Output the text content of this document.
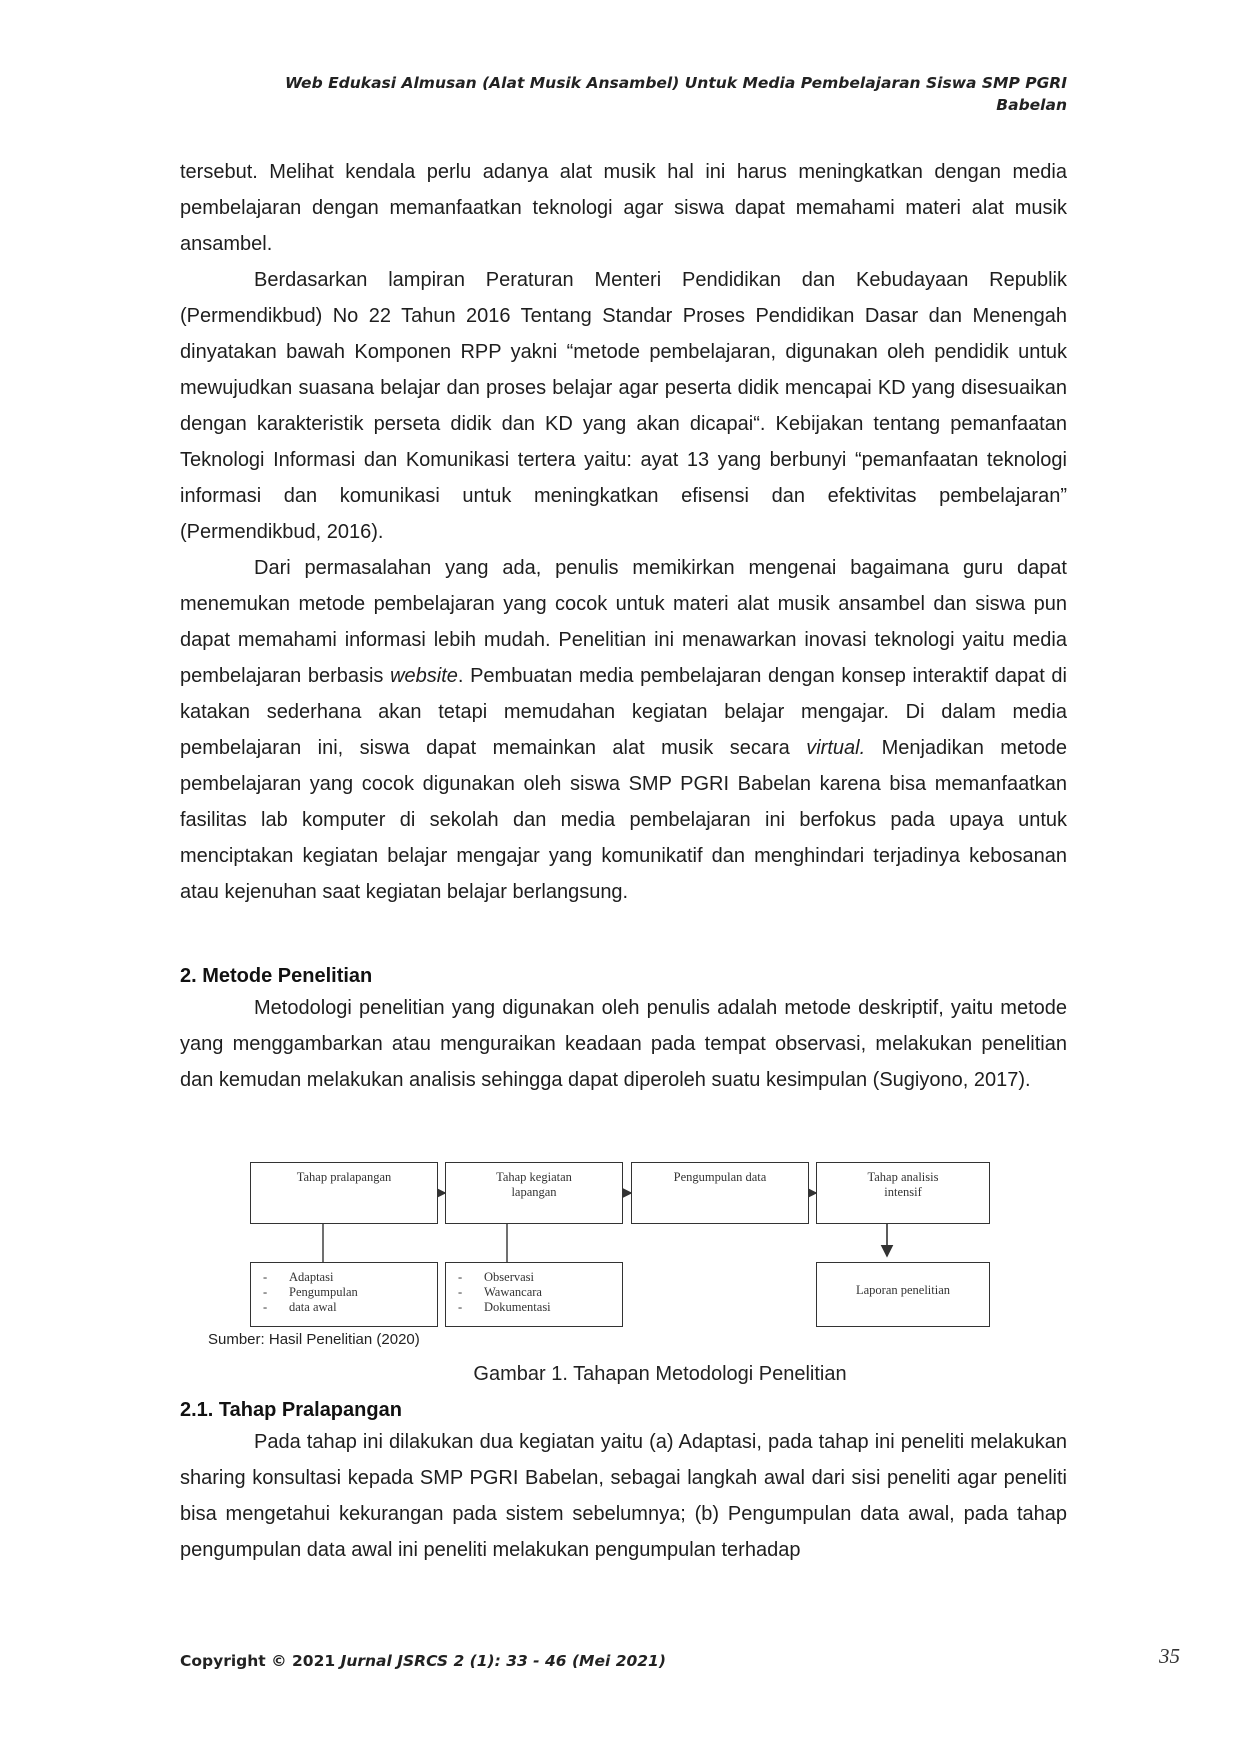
Web Edukasi Almusan (Alat Musik Ansambel) Untuk Media Pembelajaran Siswa SMP PGRI
Babelan

tersebut. Melihat kendala perlu adanya alat musik hal ini harus meningkatkan dengan media pembelajaran dengan memanfaatkan teknologi agar siswa dapat memahami materi alat musik ansambel.

Berdasarkan lampiran Peraturan Menteri Pendidikan dan Kebudayaan Republik (Permendikbud) No 22 Tahun 2016 Tentang Standar Proses Pendidikan Dasar dan Menengah dinyatakan bawah Komponen RPP yakni “metode pembelajaran, digunakan oleh pendidik untuk mewujudkan suasana belajar dan proses belajar agar peserta didik mencapai KD yang disesuaikan dengan karakteristik perseta didik dan KD yang akan dicapai“. Kebijakan tentang pemanfaatan Teknologi Informasi dan Komunikasi tertera yaitu: ayat 13 yang berbunyi “pemanfaatan teknologi informasi dan komunikasi untuk meningkatkan efisensi dan efektivitas pembelajaran” (Permendikbud, 2016).

Dari permasalahan yang ada, penulis memikirkan mengenai bagaimana guru dapat menemukan metode pembelajaran yang cocok untuk materi alat musik ansambel dan siswa pun dapat memahami informasi lebih mudah. Penelitian ini menawarkan inovasi teknologi yaitu media pembelajaran berbasis website. Pembuatan media pembelajaran dengan konsep interaktif dapat di katakan sederhana akan tetapi memudahan kegiatan belajar mengajar. Di dalam media pembelajaran ini, siswa dapat memainkan alat musik secara virtual. Menjadikan metode pembelajaran yang cocok digunakan oleh siswa SMP PGRI Babelan karena bisa memanfaatkan fasilitas lab komputer di sekolah dan media pembelajaran ini berfokus pada upaya untuk menciptakan kegiatan belajar mengajar yang komunikatif dan menghindari terjadinya kebosanan atau kejenuhan saat kegiatan belajar berlangsung.

2. Metode Penelitian

Metodologi penelitian yang digunakan oleh penulis adalah metode deskriptif, yaitu metode yang menggambarkan atau menguraikan keadaan pada tempat observasi, melakukan penelitian dan kemudan melakukan analisis sehingga dapat diperoleh suatu kesimpulan (Sugiyono, 2017).

Tahap pralapangan	Tahap kegiatan
lapangan
Pengumpulan data	Tahap analisis
intensif
- Adaptasi
- Pengumpulan
- data awal
- Observasi
- Wawancara
- Dokumentasi
Laporan penelitian
Sumber: Hasil Penelitian (2020)
Gambar 1. Tahapan Metodologi Penelitian
2.1. Tahap Pralapangan

Pada tahap ini dilakukan dua kegiatan yaitu (a) Adaptasi, pada tahap ini peneliti melakukan sharing konsultasi kepada SMP PGRI Babelan, sebagai langkah awal dari sisi peneliti agar peneliti bisa mengetahui kekurangan pada sistem sebelumnya; (b) Pengumpulan data awal, pada tahap pengumpulan data awal ini peneliti melakukan pengumpulan terhadap

Copyright © 2021 Jurnal JSRCS 2 (1): 33 - 46 (Mei 2021)	35
